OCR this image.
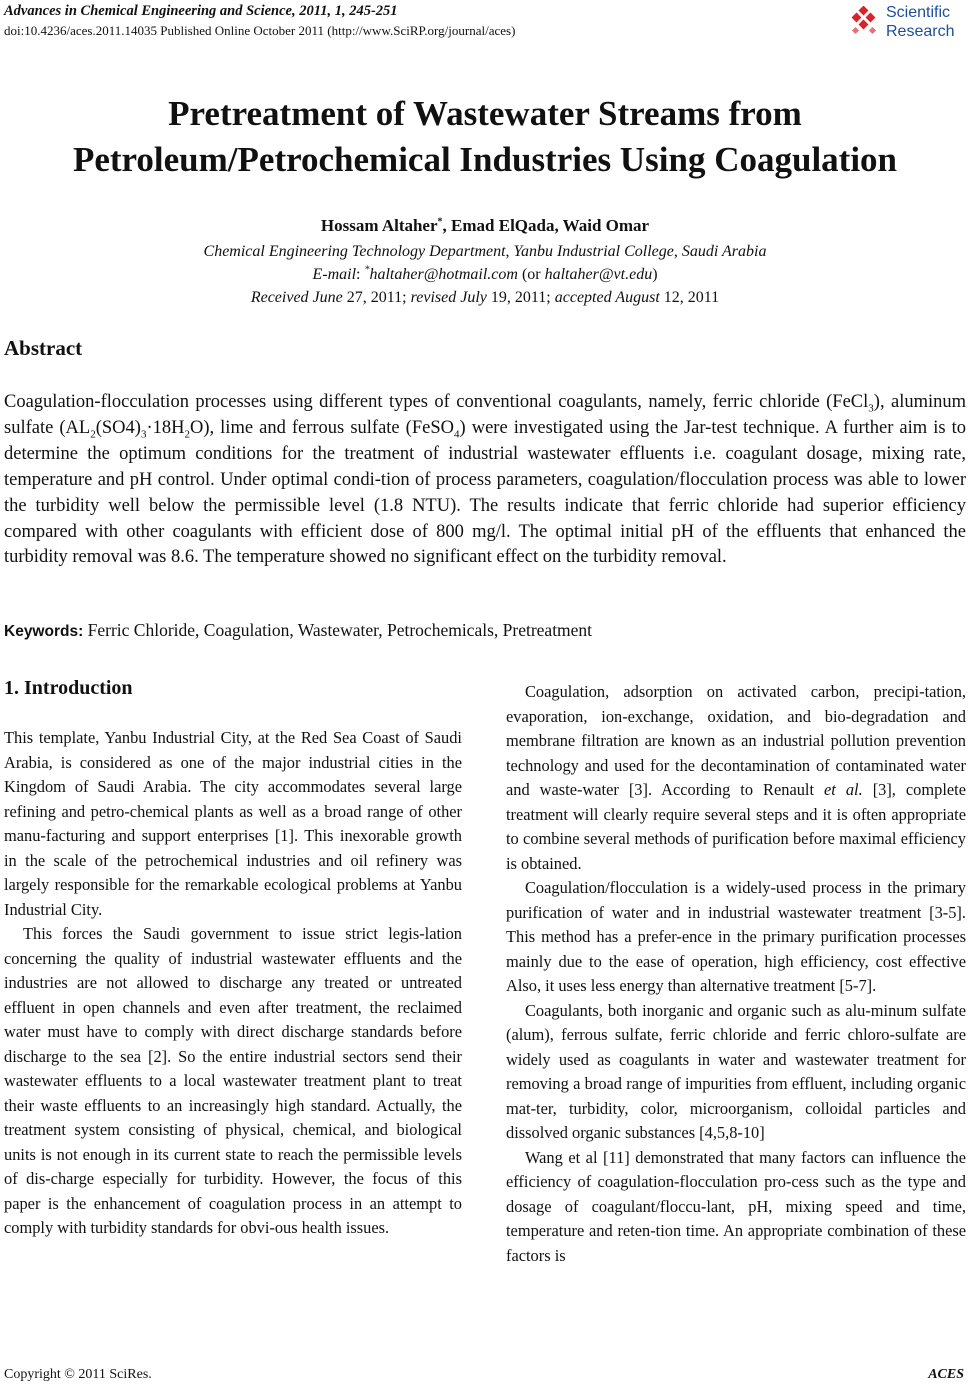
Advances in Chemical Engineering and Science, 2011, 1, 245-251
doi:10.4236/aces.2011.14035 Published Online October 2011 (http://www.SciRP.org/journal/aces)
Scientific
Research
Pretreatment of Wastewater Streams from
Petroleum/Petrochemical Industries Using Coagulation
Hossam Altaher*, Emad ElQada, Waid Omar
Chemical Engineering Technology Department, Yanbu Industrial College, Saudi Arabia
E-mail: *haltaher@hotmail.com (or haltaher@vt.edu)
Received June 27, 2011; revised July 19, 2011; accepted August 12, 2011
Abstract
Coagulation-flocculation processes using different types of conventional coagulants, namely, ferric chloride (FeCl$_3$), aluminum sulfate $(AL_2(SO4)_3\cdot 18H_2O)$, lime and ferrous sulfate (FeSO$_4$) were investigated using the Jar-test technique. A further aim is to determine the optimum conditions for the treatment of industrial wastewater effluents i.e. coagulant dosage, mixing rate, temperature and pH control. Under optimal condi-tion of process parameters, coagulation/flocculation process was able to lower the turbidity well below the permissible level (1.8 NTU). The results indicate that ferric chloride had superior efficiency compared with other coagulants with efficient dose of 800 mg/l. The optimal initial pH of the effluents that enhanced the turbidity removal was 8.6. The temperature showed no significant effect on the turbidity removal.
Keywords: Ferric Chloride, Coagulation, Wastewater, Petrochemicals, Pretreatment
1. Introduction

This template, Yanbu Industrial City, at the Red Sea Coast of Saudi Arabia, is considered as one of the major industrial cities in the Kingdom of Saudi Arabia. The city accommodates several large refining and petro-chemical plants as well as a broad range of other manu-facturing and support enterprises [1]. This inexorable growth in the scale of the petrochemical industries and oil refinery was largely responsible for the remarkable ecological problems at Yanbu Industrial City.

This forces the Saudi government to issue strict legis-lation concerning the quality of industrial wastewater effluents and the industries are not allowed to discharge any treated or untreated effluent in open channels and even after treatment, the reclaimed water must have to comply with direct discharge standards before discharge to the sea [2]. So the entire industrial sectors send their wastewater effluents to a local wastewater treatment plant to treat their waste effluents to an increasingly high standard. Actually, the treatment system consisting of physical, chemical, and biological units is not enough in its current state to reach the permissible levels of dis-charge especially for turbidity. However, the focus of this paper is the enhancement of coagulation process in an attempt to comply with turbidity standards for obvi-ous health issues.

Coagulation, adsorption on activated carbon, precipi-tation, evaporation, ion-exchange, oxidation, and bio-degradation and membrane filtration are known as an industrial pollution prevention technology and used for the decontamination of contaminated water and waste-water [3]. According to Renault et al. [3], complete treatment will clearly require several steps and it is often appropriate to combine several methods of purification before maximal efficiency is obtained.

Coagulation/flocculation is a widely-used process in the primary purification of water and in industrial wastewater treatment [3-5]. This method has a prefer-ence in the primary purification processes mainly due to the ease of operation, high efficiency, cost effective Also, it uses less energy than alternative treatment [5-7].

Coagulants, both inorganic and organic such as alu-minum sulfate (alum), ferrous sulfate, ferric chloride and ferric chloro-sulfate are widely used as coagulants in water and wastewater treatment for removing a broad range of impurities from effluent, including organic mat-ter, turbidity, color, microorganism, colloidal particles and dissolved organic substances [4,5,8-10]

Wang et al [11] demonstrated that many factors can influence the efficiency of coagulation-flocculation pro-cess such as the type and dosage of coagulant/floccu-lant, pH, mixing speed and time, temperature and reten-tion time. An appropriate combination of these factors is

Copyright © 2011 SciRes.	ACES
